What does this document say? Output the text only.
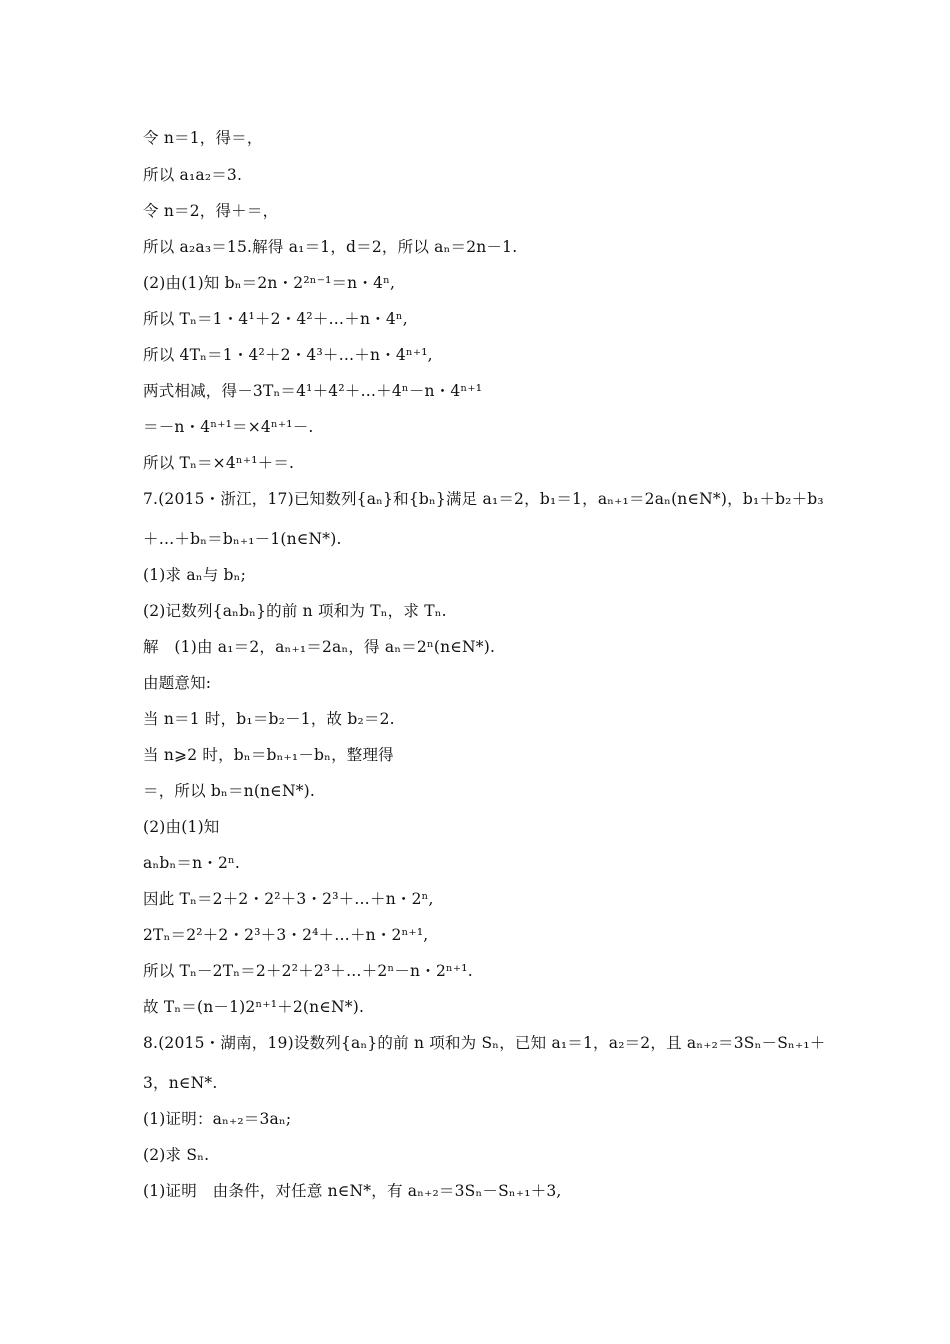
令 n＝1，得＝，
所以 a₁a₂＝3.
令 n＝2，得＋＝，
所以 a₂a₃＝15.解得 a₁＝1，d＝2，所以 aₙ＝2n－1.
(2)由(1)知 bₙ＝2n・2²ⁿ⁻¹＝n・4ⁿ,
所以 Tₙ＝1・4¹＋2・4²＋…＋n・4ⁿ,
所以 4Tₙ＝1・4²＋2・4³＋…＋n・4ⁿ⁺¹,
两式相减，得－3Tₙ＝4¹＋4²＋…＋4ⁿ－n・4ⁿ⁺¹
＝－n・4ⁿ⁺¹＝×4ⁿ⁺¹－.
所以 Tₙ＝×4ⁿ⁺¹＋＝.
7.(2015・浙江，17)已知数列{aₙ}和{bₙ}满足 a₁＝2，b₁＝1，aₙ₊₁＝2aₙ(n∈N*)，b₁＋b₂＋b₃
＋…＋bₙ＝bₙ₊₁－1(n∈N*).
(1)求 aₙ与 bₙ;
(2)记数列{aₙbₙ}的前 n 项和为 Tₙ，求 Tₙ.
解　(1)由 a₁＝2，aₙ₊₁＝2aₙ，得 aₙ＝2ⁿ(n∈N*).
由题意知:
当 n＝1 时，b₁＝b₂－1，故 b₂＝2.
当 n⩾2 时，bₙ＝bₙ₊₁－bₙ，整理得
＝，所以 bₙ＝n(n∈N*).
(2)由(1)知
aₙbₙ＝n・2ⁿ.
因此 Tₙ＝2＋2・2²＋3・2³＋…＋n・2ⁿ,
2Tₙ＝2²＋2・2³＋3・2⁴＋…＋n・2ⁿ⁺¹,
所以 Tₙ－2Tₙ＝2＋2²＋2³＋…＋2ⁿ－n・2ⁿ⁺¹.
故 Tₙ＝(n－1)2ⁿ⁺¹＋2(n∈N*).
8.(2015・湖南，19)设数列{aₙ}的前 n 项和为 Sₙ，已知 a₁＝1，a₂＝2，且 aₙ₊₂＝3Sₙ－Sₙ₊₁＋
3，n∈N*.
(1)证明：aₙ₊₂＝3aₙ;
(2)求 Sₙ.
(1)证明　由条件，对任意 n∈N*，有 aₙ₊₂＝3Sₙ－Sₙ₊₁＋3,
